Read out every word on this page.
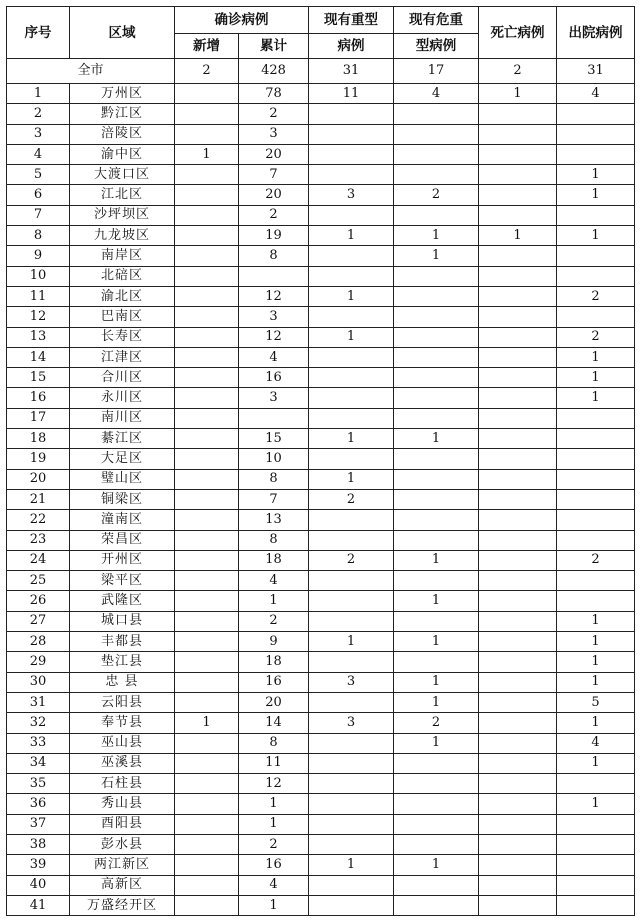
序号	区域	确诊病例		现有重型	现有危重	死亡病例	出院病例
		新增	累计	病例	型病例		
全市		2	428	31	17	2	31
1	万州区		78	11	4	1	4
2	黔江区		2				
3	涪陵区		3				
4	渝中区	1	20				
5	大渡口区		7				1
6	江北区		20	3	2		1
7	沙坪坝区		2				
8	九龙坡区		19	1	1	1	1
9	南岸区		8		1		
10	北碚区						
11	渝北区		12	1			2
12	巴南区		3				
13	长寿区		12	1			2
14	江津区		4				1
15	合川区		16				1
16	永川区		3				1
17	南川区						
18	綦江区		15	1	1		
19	大足区		10				
20	璧山区		8	1			
21	铜梁区		7	2			
22	潼南区		13				
23	荣昌区		8				
24	开州区		18	2	1		2
25	梁平区		4				
26	武隆区		1		1		
27	城口县		2				1
28	丰都县		9	1	1		1
29	垫江县		18				1
30	忠 县		16	3	1		1
31	云阳县		20		1		5
32	奉节县	1	14	3	2		1
33	巫山县		8		1		4
34	巫溪县		11				1
35	石柱县		12				
36	秀山县		1				1
37	酉阳县		1				
38	彭水县		2				
39	两江新区		16	1	1		
40	高新区		4				
41	万盛经开区		1				
